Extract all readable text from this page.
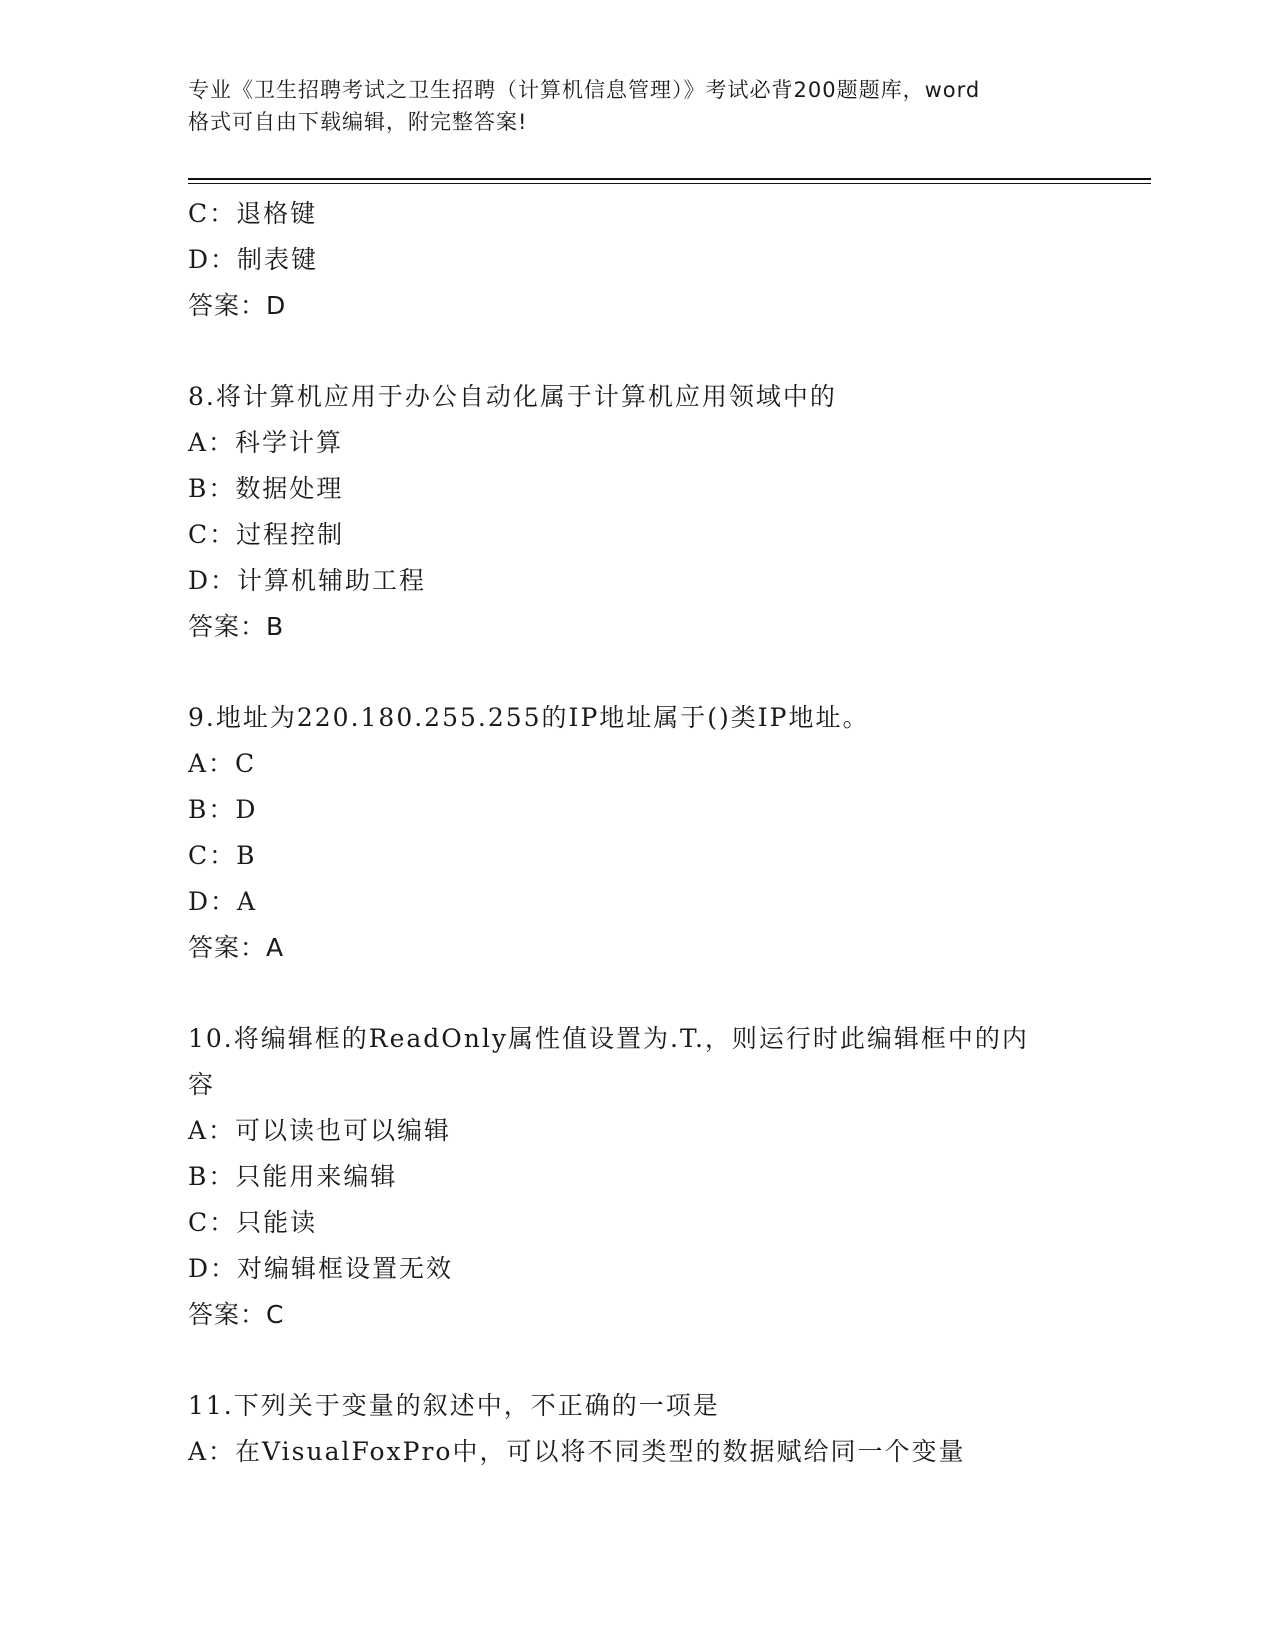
专业《卫生招聘考试之卫生招聘（计算机信息管理）》考试必背200题题库，word
格式可自由下载编辑，附完整答案!
C：退格键
D：制表键
答案：D
8.将计算机应用于办公自动化属于计算机应用领域中的
A：科学计算
B：数据处理
C：过程控制
D：计算机辅助工程
答案：B
9.地址为220.180.255.255的IP地址属于()类IP地址。
A：C
B：D
C：B
D：A
答案：A
10.将编辑框的ReadOnly属性值设置为.T.，则运行时此编辑框中的内
容
A：可以读也可以编辑
B：只能用来编辑
C：只能读
D：对编辑框设置无效
答案：C
11.下列关于变量的叙述中，不正确的一项是
A：在VisualFoxPro中，可以将不同类型的数据赋给同一个变量
